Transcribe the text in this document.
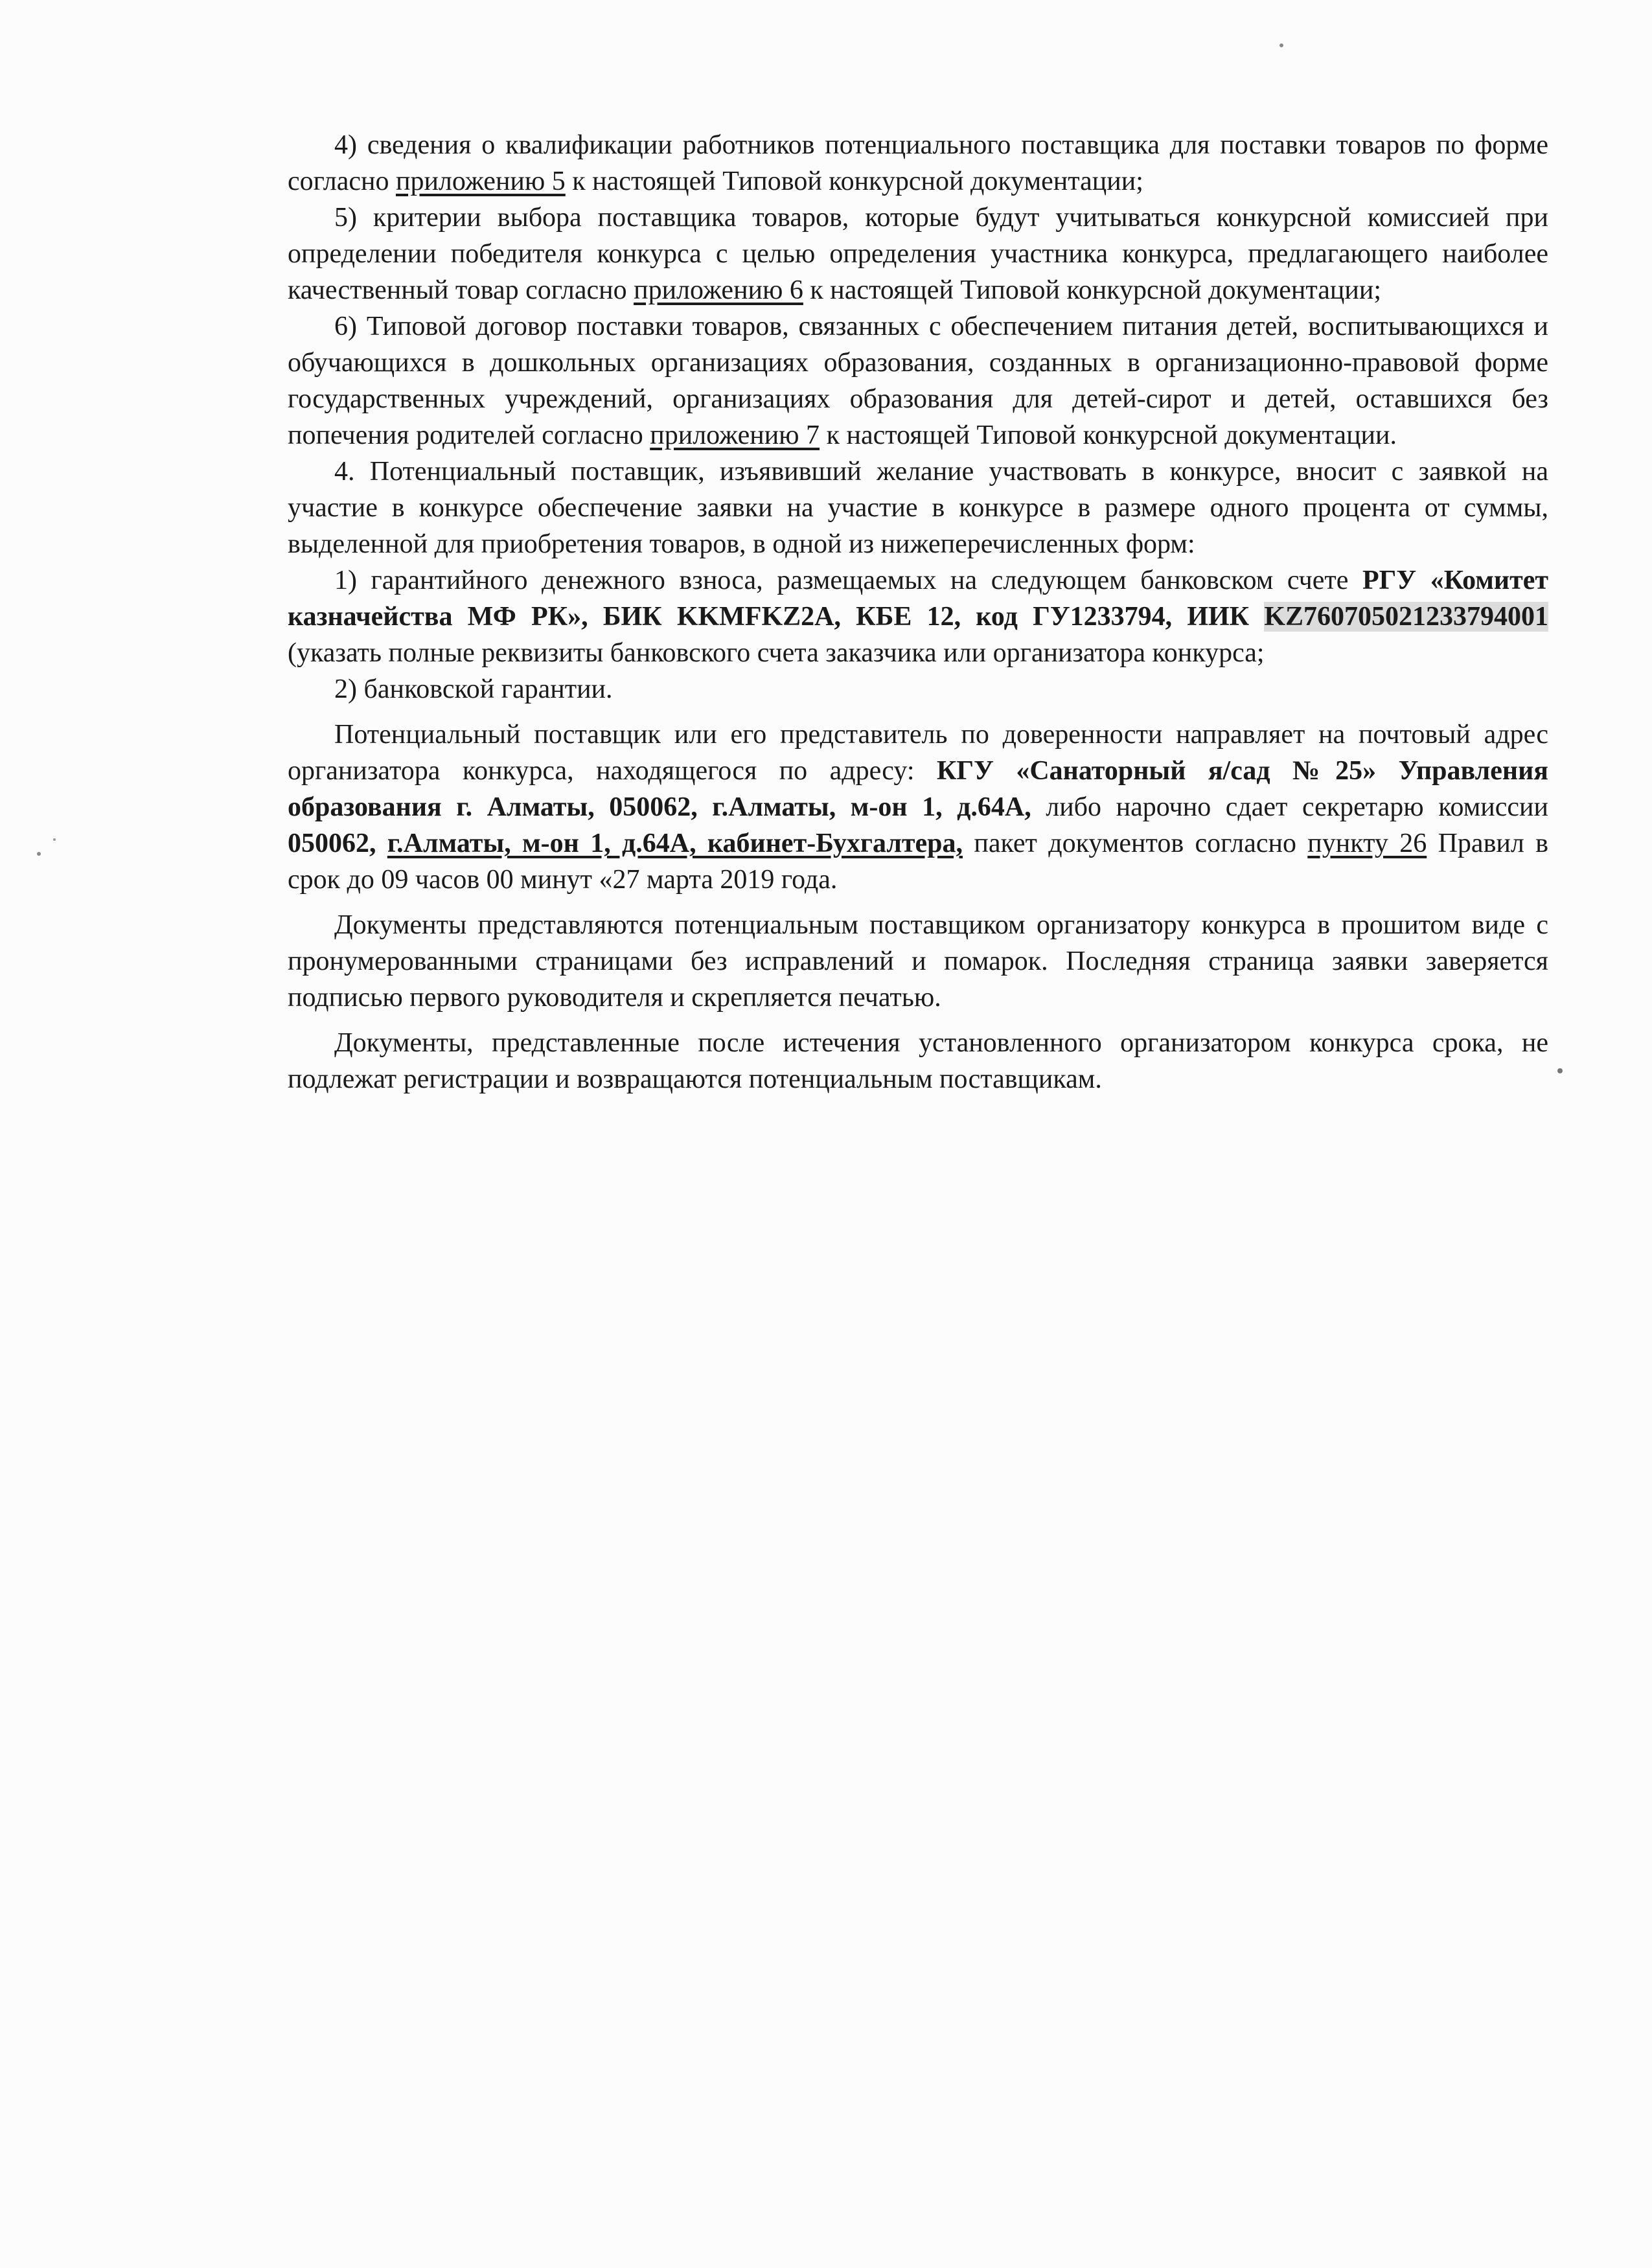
4) сведения о квалификации работников потенциального поставщика для поставки товаров по форме согласно приложению 5 к настоящей Типовой конкурсной документации;

5) критерии выбора поставщика товаров, которые будут учитываться конкурсной комиссией при определении победителя конкурса с целью определения участника конкурса, предлагающего наиболее качественный товар согласно приложению 6 к настоящей Типовой конкурсной документации;

6) Типовой договор поставки товаров, связанных с обеспечением питания детей, воспитывающихся и обучающихся в дошкольных организациях образования, созданных в организационно-правовой форме государственных учреждений, организациях образования для детей-сирот и детей, оставшихся без попечения родителей согласно приложению 7 к настоящей Типовой конкурсной документации.

4. Потенциальный поставщик, изъявивший желание участвовать в конкурсе, вносит с заявкой на участие в конкурсе обеспечение заявки на участие в конкурсе в размере одного процента от суммы, выделенной для приобретения товаров, в одной из нижеперечисленных форм:

1) гарантийного денежного взноса, размещаемых на следующем банковском счете РГУ «Комитет казначейства МФ РК», БИК KKMFKZ2A, КБЕ 12, код ГУ1233794, ИИК KZ760705021233794001 (указать полные реквизиты банковского счета заказчика или организатора конкурса;

2) банковской гарантии.

Потенциальный поставщик или его представитель по доверенности направляет на почтовый адрес организатора конкурса, находящегося по адресу: КГУ «Санаторный я/сад №25» Управления образования г. Алматы, 050062, г.Алматы, м-он 1, д.64А, либо нарочно сдает секретарю комиссии 050062, г.Алматы, м-он 1, д.64А, кабинет-Бухгалтера, пакет документов согласно пункту 26 Правил в срок до 09 часов 00 минут «27 марта 2019 года.

Документы представляются потенциальным поставщиком организатору конкурса в прошитом виде с пронумерованными страницами без исправлений и помарок. Последняя страница заявки заверяется подписью первого руководителя и скрепляется печатью.

Документы, представленные после истечения установленного организатором конкурса срока, не подлежат регистрации и возвращаются потенциальным поставщикам.
